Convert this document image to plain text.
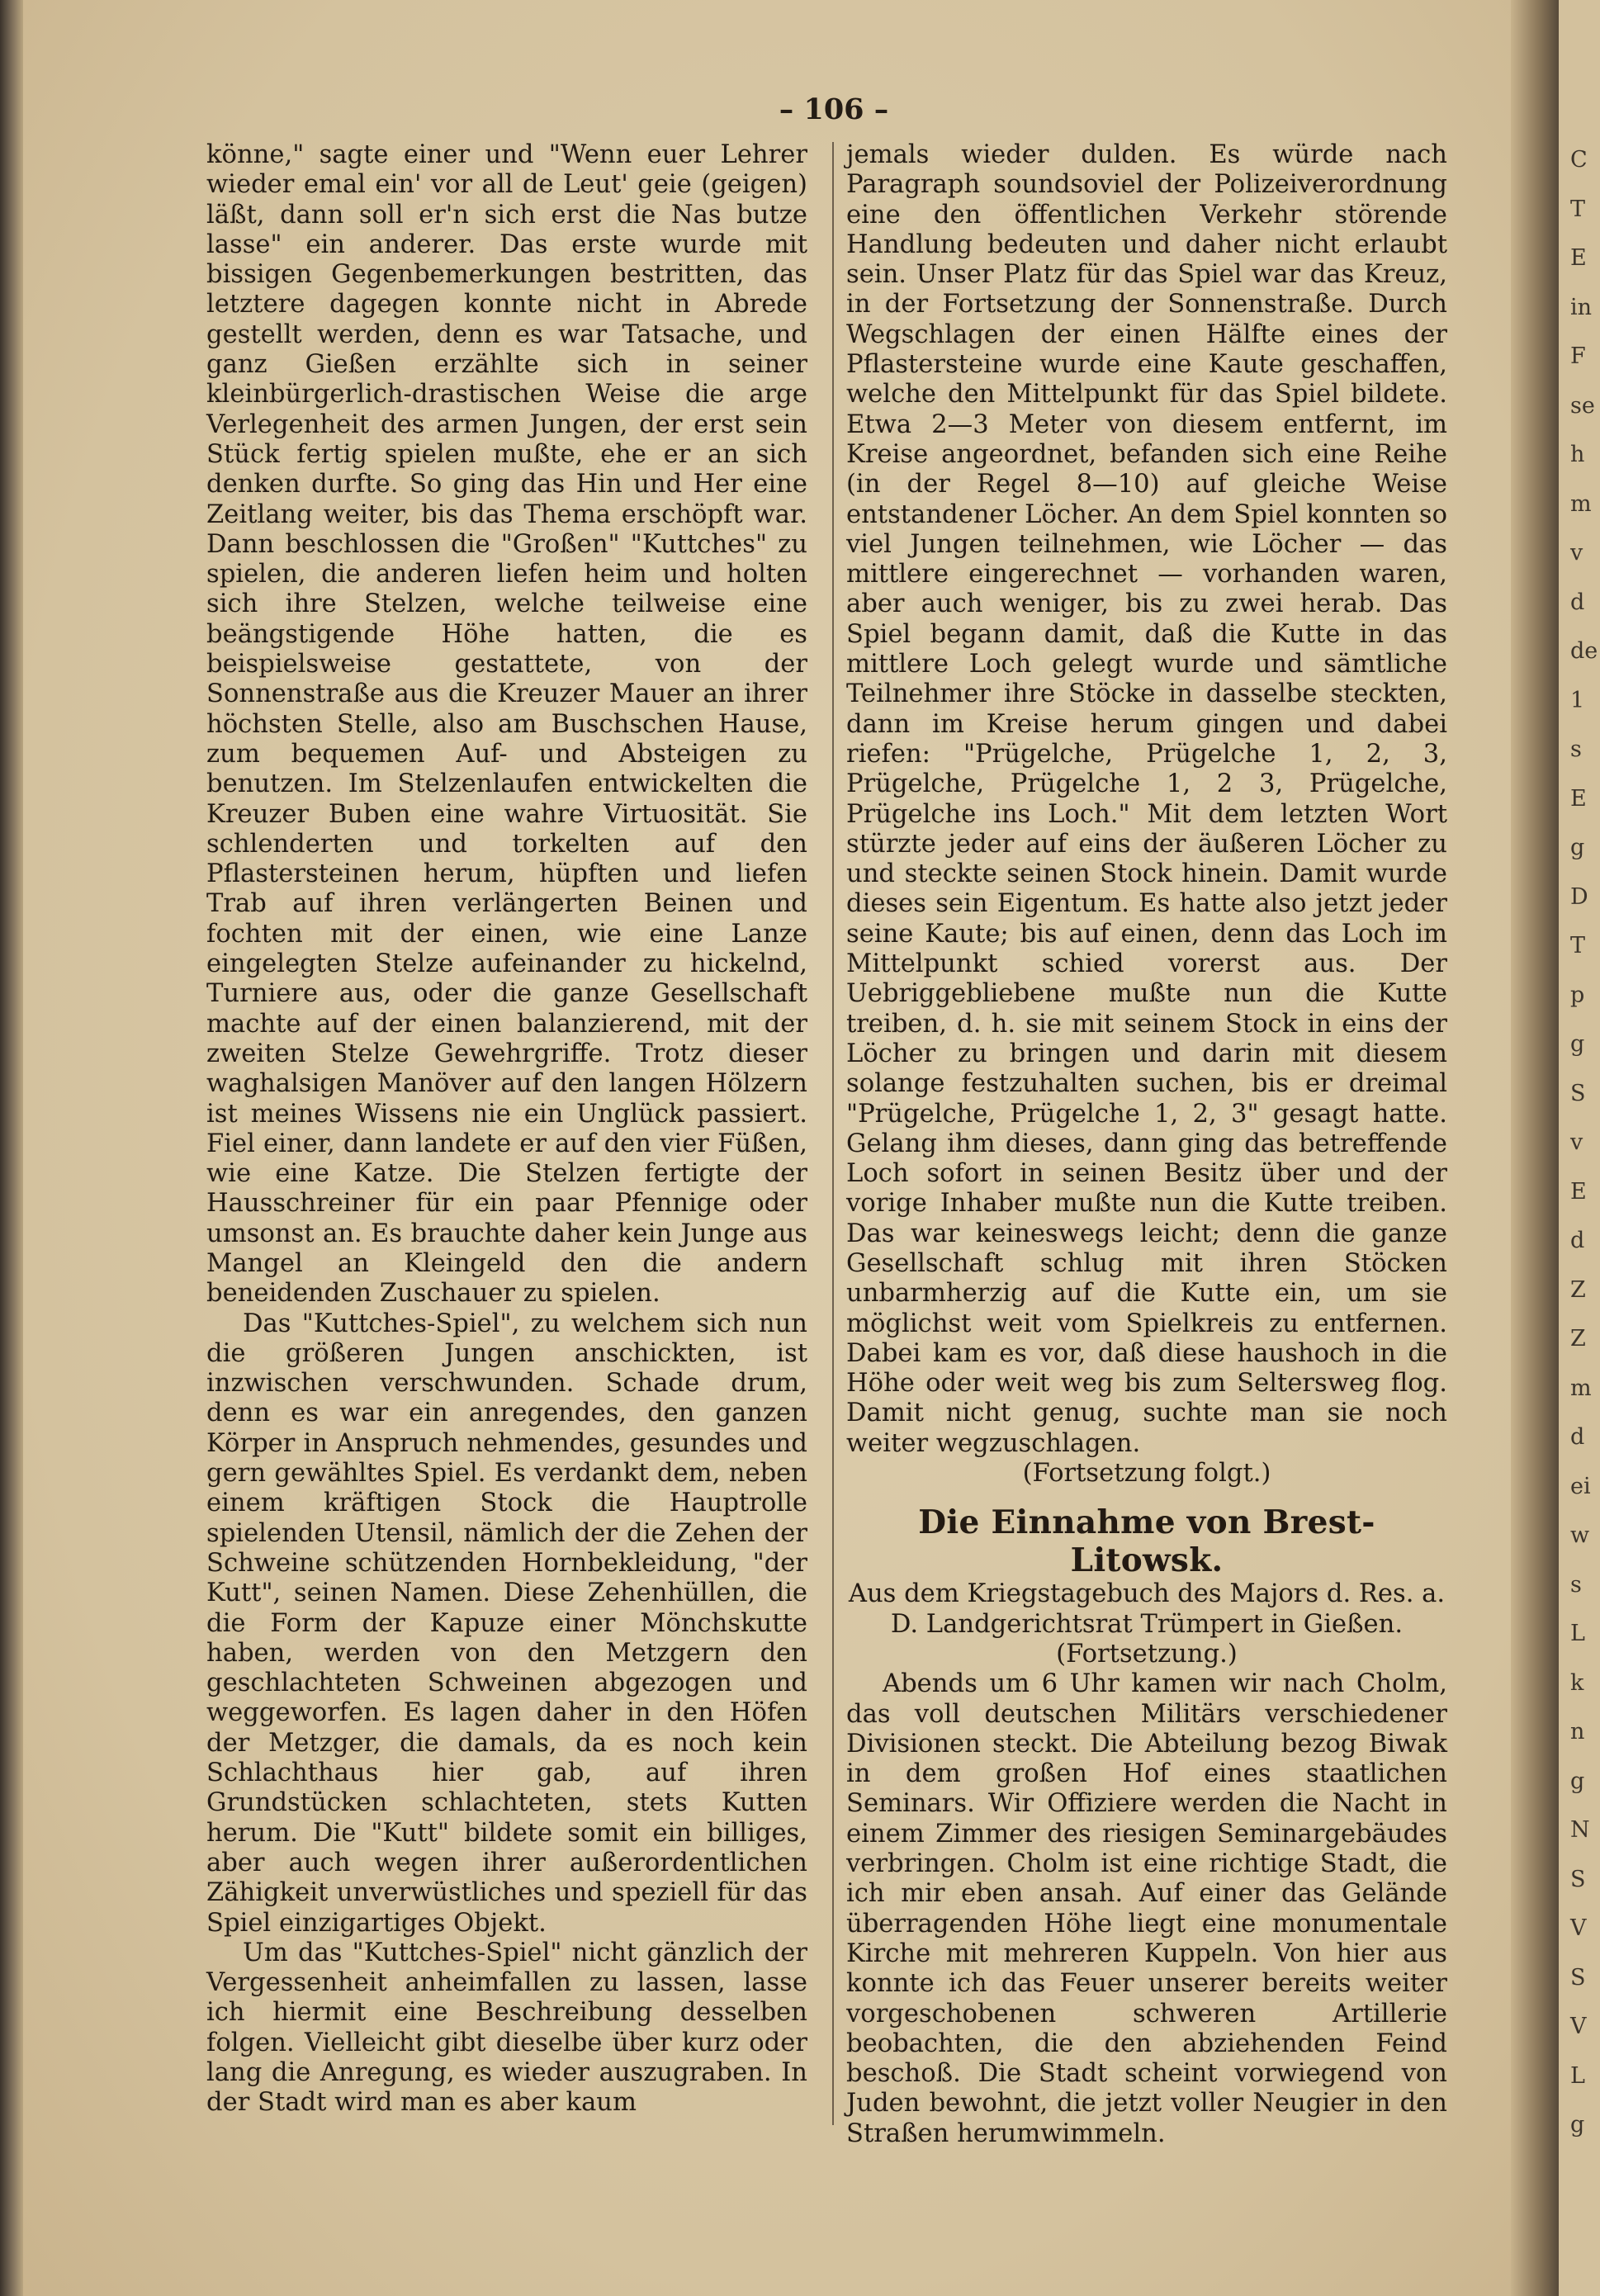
– 106 –

könne," sagte einer und "Wenn euer Lehrer wieder emal ein' vor all de Leut' geie (geigen) läßt, dann soll er'n sich erst die Nas butze lasse" ein anderer. Das erste wurde mit bissigen Gegenbemerkungen bestritten, das letztere dagegen konnte nicht in Abrede gestellt werden, denn es war Tatsache, und ganz Gießen erzählte sich in seiner kleinbürgerlich-drastischen Weise die arge Verlegenheit des armen Jungen, der erst sein Stück fertig spielen mußte, ehe er an sich denken durfte. So ging das Hin und Her eine Zeitlang weiter, bis das Thema erschöpft war. Dann beschlossen die "Großen" "Kuttches" zu spielen, die anderen liefen heim und holten sich ihre Stelzen, welche teilweise eine beängstigende Höhe hatten, die es beispielsweise gestattete, von der Sonnenstraße aus die Kreuzer Mauer an ihrer höchsten Stelle, also am Buschschen Hause, zum bequemen Auf- und Absteigen zu benutzen. Im Stelzenlaufen entwickelten die Kreuzer Buben eine wahre Virtuosität. Sie schlenderten und torkelten auf den Pflastersteinen herum, hüpften und liefen Trab auf ihren verlängerten Beinen und fochten mit der einen, wie eine Lanze eingelegten Stelze aufeinander zu hickelnd, Turniere aus, oder die ganze Gesellschaft machte auf der einen balanzierend, mit der zweiten Stelze Gewehrgriffe. Trotz dieser waghalsigen Manöver auf den langen Hölzern ist meines Wissens nie ein Unglück passiert. Fiel einer, dann landete er auf den vier Füßen, wie eine Katze. Die Stelzen fertigte der Hausschreiner für ein paar Pfennige oder umsonst an. Es brauchte daher kein Junge aus Mangel an Kleingeld den die andern beneidenden Zuschauer zu spielen.

Das "Kuttches-Spiel", zu welchem sich nun die größeren Jungen anschickten, ist inzwischen verschwunden. Schade drum, denn es war ein anregendes, den ganzen Körper in Anspruch nehmendes, gesundes und gern gewähltes Spiel. Es verdankt dem, neben einem kräftigen Stock die Hauptrolle spielenden Utensil, nämlich der die Zehen der Schweine schützenden Hornbekleidung, "der Kutt", seinen Namen. Diese Zehenhüllen, die die Form der Kapuze einer Mönchskutte haben, werden von den Metzgern den geschlachteten Schweinen abgezogen und weggeworfen. Es lagen daher in den Höfen der Metzger, die damals, da es noch kein Schlachthaus hier gab, auf ihren Grundstücken schlachteten, stets Kutten herum. Die "Kutt" bildete somit ein billiges, aber auch wegen ihrer außerordentlichen Zähigkeit unverwüstliches und speziell für das Spiel einzigartiges Objekt.

Um das "Kuttches-Spiel" nicht gänzlich der Vergessenheit anheimfallen zu lassen, lasse ich hiermit eine Beschreibung desselben folgen. Vielleicht gibt dieselbe über kurz oder lang die Anregung, es wieder auszugraben. In der Stadt wird man es aber kaum

jemals wieder dulden. Es würde nach Paragraph soundsoviel der Polizeiverordnung eine den öffentlichen Verkehr störende Handlung bedeuten und daher nicht erlaubt sein. Unser Platz für das Spiel war das Kreuz, in der Fortsetzung der Sonnenstraße. Durch Wegschlagen der einen Hälfte eines der Pflastersteine wurde eine Kaute geschaffen, welche den Mittelpunkt für das Spiel bildete. Etwa 2—3 Meter von diesem entfernt, im Kreise angeordnet, befanden sich eine Reihe (in der Regel 8—10) auf gleiche Weise entstandener Löcher. An dem Spiel konnten so viel Jungen teilnehmen, wie Löcher — das mittlere eingerechnet — vorhanden waren, aber auch weniger, bis zu zwei herab. Das Spiel begann damit, daß die Kutte in das mittlere Loch gelegt wurde und sämtliche Teilnehmer ihre Stöcke in dasselbe steckten, dann im Kreise herum gingen und dabei riefen: "Prügelche, Prügelche 1, 2, 3, Prügelche, Prügelche 1, 2 3, Prügelche, Prügelche ins Loch." Mit dem letzten Wort stürzte jeder auf eins der äußeren Löcher zu und steckte seinen Stock hinein. Damit wurde dieses sein Eigentum. Es hatte also jetzt jeder seine Kaute; bis auf einen, denn das Loch im Mittelpunkt schied vorerst aus. Der Uebriggebliebene mußte nun die Kutte treiben, d. h. sie mit seinem Stock in eins der Löcher zu bringen und darin mit diesem solange festzuhalten suchen, bis er dreimal "Prügelche, Prügelche 1, 2, 3" gesagt hatte. Gelang ihm dieses, dann ging das betreffende Loch sofort in seinen Besitz über und der vorige Inhaber mußte nun die Kutte treiben. Das war keineswegs leicht; denn die ganze Gesellschaft schlug mit ihren Stöcken unbarmherzig auf die Kutte ein, um sie möglichst weit vom Spielkreis zu entfernen. Dabei kam es vor, daß diese haushoch in die Höhe oder weit weg bis zum Seltersweg flog. Damit nicht genug, suchte man sie noch weiter wegzuschlagen.

(Fortsetzung folgt.)

Die Einnahme von Brest-Litowsk.

Aus dem Kriegstagebuch des Majors d. Res. a. D. Landgerichtsrat Trümpert in Gießen.

(Fortsetzung.)

Abends um 6 Uhr kamen wir nach Cholm, das voll deutschen Militärs verschiedener Divisionen steckt. Die Abteilung bezog Biwak in dem großen Hof eines staatlichen Seminars. Wir Offiziere werden die Nacht in einem Zimmer des riesigen Seminargebäudes verbringen. Cholm ist eine richtige Stadt, die ich mir eben ansah. Auf einer das Gelände überragenden Höhe liegt eine monumentale Kirche mit mehreren Kuppeln. Von hier aus konnte ich das Feuer unserer bereits weiter vorgeschobenen schweren Artillerie beobachten, die den abziehenden Feind beschoß. Die Stadt scheint vorwiegend von Juden bewohnt, die jetzt voller Neugier in den Straßen herumwimmeln.

C
T
E
in
F
se
h
m
v
d
de
1
s
E
g
D
T
p
g
S
v
E
d
Z
Z
m
d
ei
w
s
L
k
n
g
N
S
V
S
V
L
g
